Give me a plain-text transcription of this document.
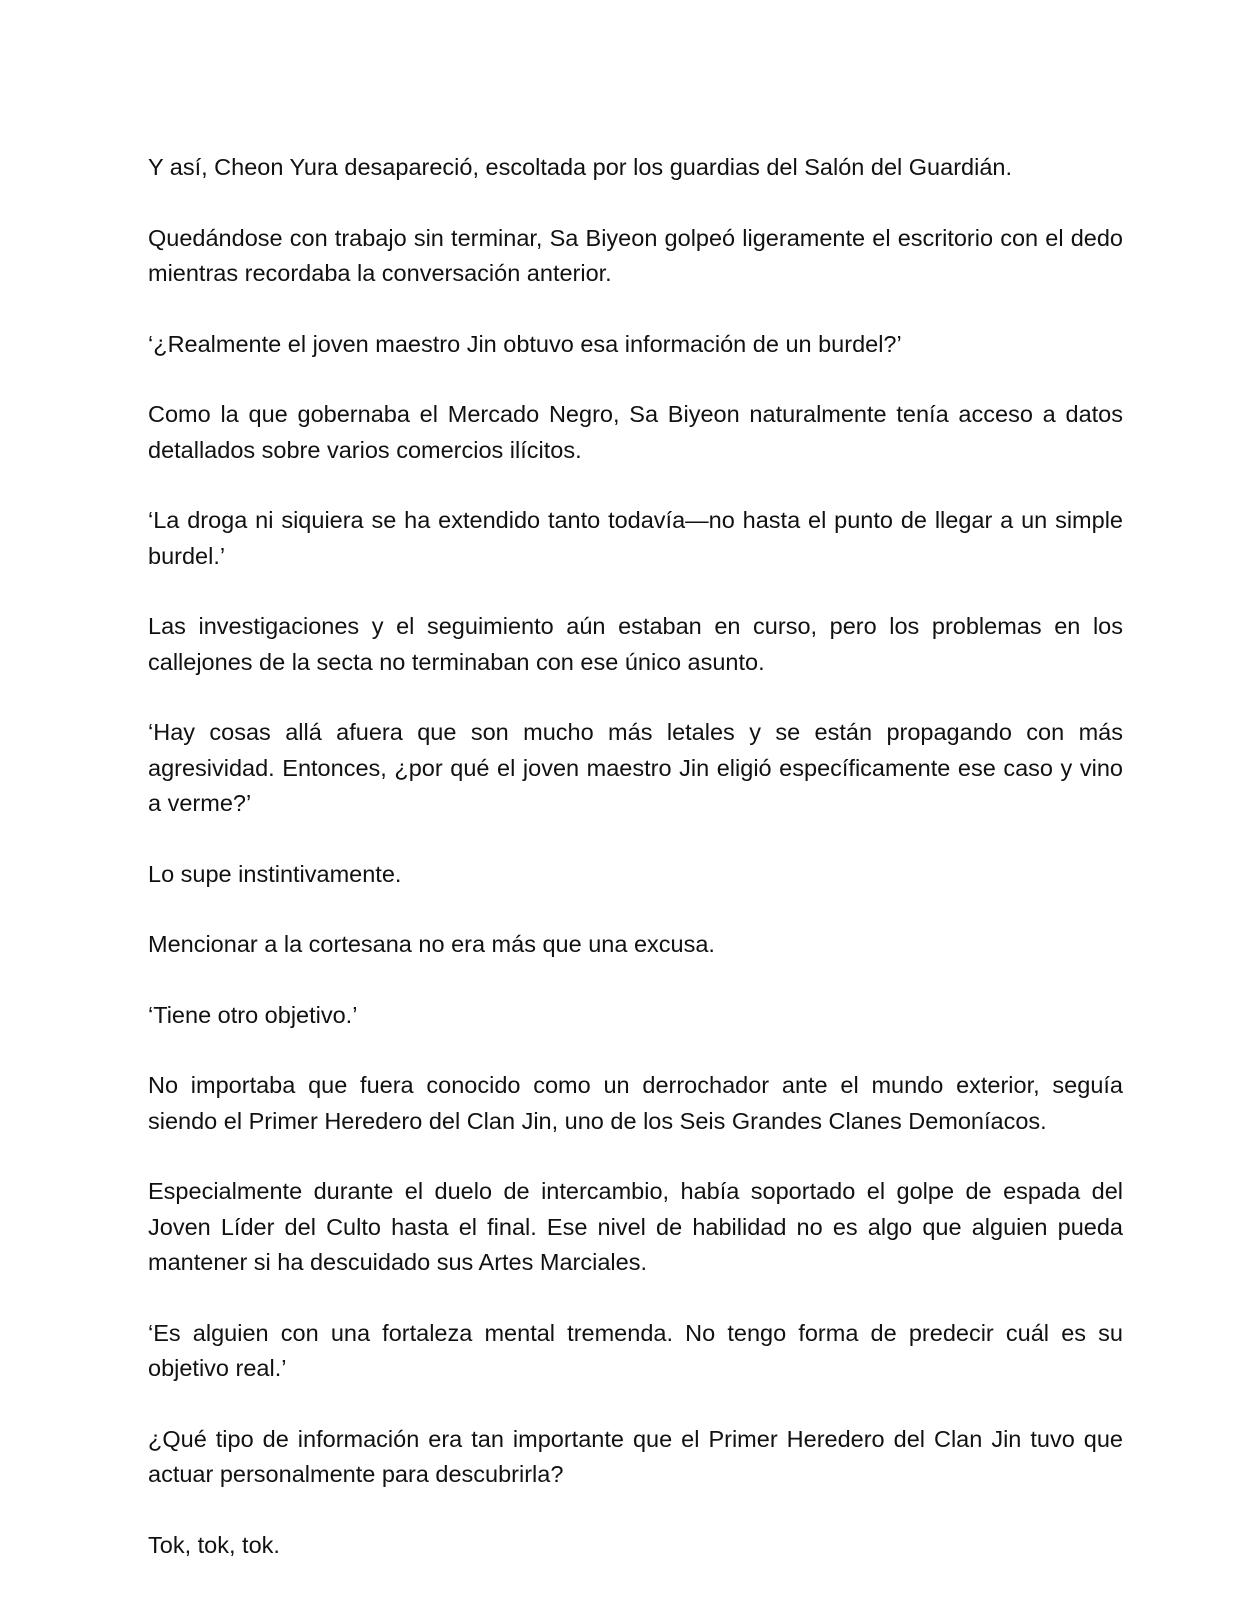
Y así, Cheon Yura desapareció, escoltada por los guardias del Salón del Guardián.

Quedándose con trabajo sin terminar, Sa Biyeon golpeó ligeramente el escritorio con el dedo mientras recordaba la conversación anterior.

‘¿Realmente el joven maestro Jin obtuvo esa información de un burdel?’

Como la que gobernaba el Mercado Negro, Sa Biyeon naturalmente tenía acceso a datos detallados sobre varios comercios ilícitos.

‘La droga ni siquiera se ha extendido tanto todavía—no hasta el punto de llegar a un simple burdel.’

Las investigaciones y el seguimiento aún estaban en curso, pero los problemas en los callejones de la secta no terminaban con ese único asunto.

‘Hay cosas allá afuera que son mucho más letales y se están propagando con más agresividad. Entonces, ¿por qué el joven maestro Jin eligió específicamente ese caso y vino a verme?’

Lo supe instintivamente.

Mencionar a la cortesana no era más que una excusa.

‘Tiene otro objetivo.’

No importaba que fuera conocido como un derrochador ante el mundo exterior, seguía siendo el Primer Heredero del Clan Jin, uno de los Seis Grandes Clanes Demoníacos.

Especialmente durante el duelo de intercambio, había soportado el golpe de espada del Joven Líder del Culto hasta el final. Ese nivel de habilidad no es algo que alguien pueda mantener si ha descuidado sus Artes Marciales.

‘Es alguien con una fortaleza mental tremenda. No tengo forma de predecir cuál es su objetivo real.’

¿Qué tipo de información era tan importante que el Primer Heredero del Clan Jin tuvo que actuar personalmente para descubrirla?

Tok, tok, tok.
